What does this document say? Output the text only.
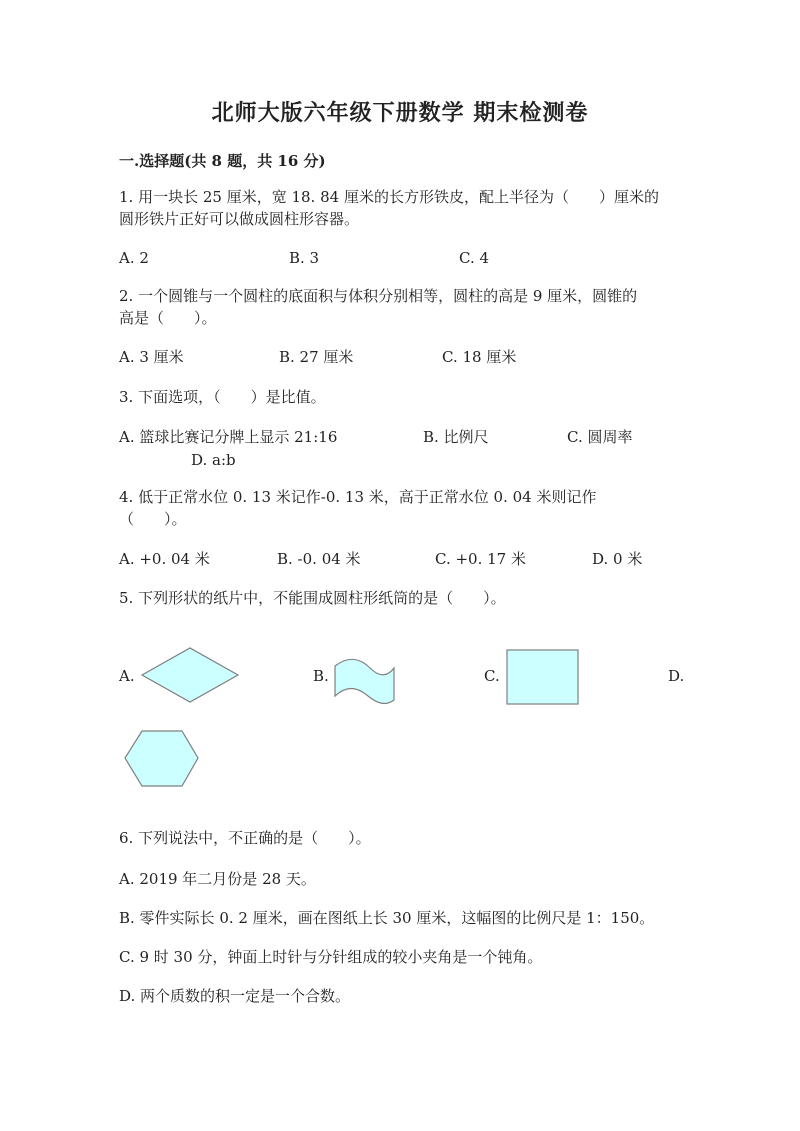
北师大版六年级下册数学 期末检测卷
一.选择题(共 8 题，共 16 分)
1. 用一块长 25 厘米，宽 18. 84 厘米的长方形铁皮，配上半径为（　　）厘米的
圆形铁片正好可以做成圆柱形容器。
A. 2	B. 3	C. 4
2. 一个圆锥与一个圆柱的底面积与体积分别相等，圆柱的高是 9 厘米，圆锥的
高是（　　）。
A. 3 厘米	B. 27 厘米	C. 18 厘米
3. 下面选项，（　　）是比值。
A. 篮球比赛记分牌上显示 21:16	B. 比例尺	C. 圆周率
D. a:b
4. 低于正常水位 0. 13 米记作-0. 13 米，高于正常水位 0. 04 米则记作
（　　）。
A. +0. 04 米	B. -0. 04 米	C. +0. 17 米	D. 0 米
5. 下列形状的纸片中，不能围成圆柱形纸筒的是（　　）。
A.	B.	C.	D.
6. 下列说法中，不正确的是（　　）。
A. 2019 年二月份是 28 天。
B. 零件实际长 0. 2 厘米，画在图纸上长 30 厘米，这幅图的比例尺是 1：150。
C. 9 时 30 分，钟面上时针与分针组成的较小夹角是一个钝角。
D. 两个质数的积一定是一个合数。
